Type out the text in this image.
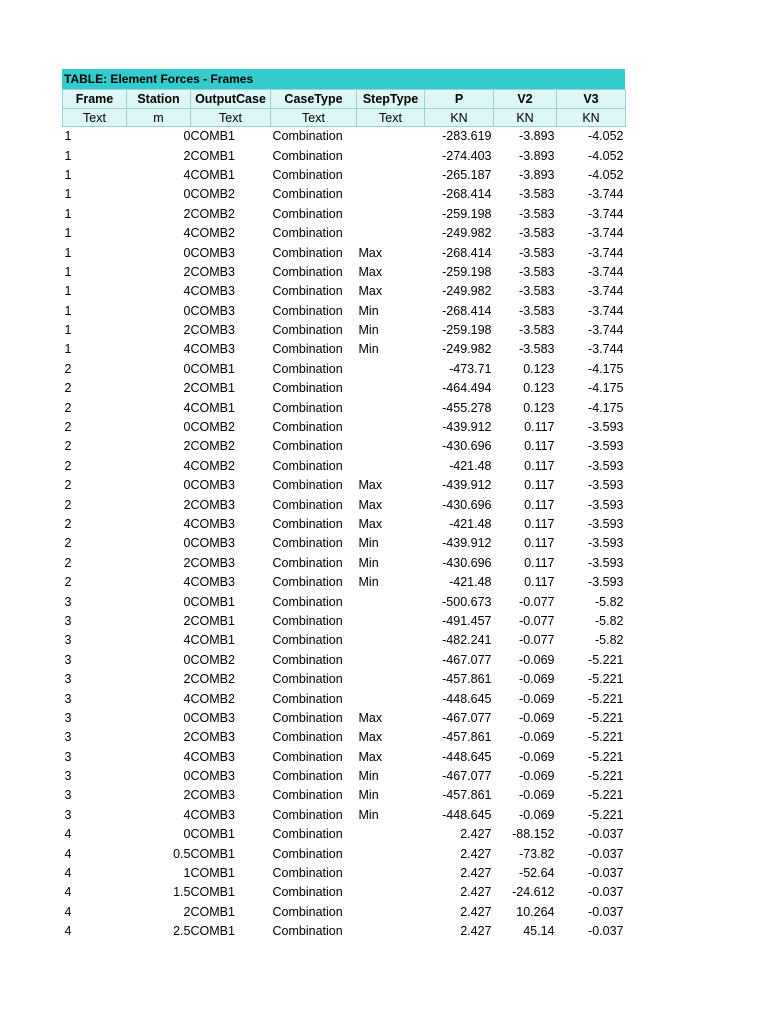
TABLE: Element Forces - Frames
Frame	Station	OutputCase	CaseType	StepType	P	V2	V3
Text	m	Text	Text	Text	KN	KN	KN
1	0	COMB1	Combination		-283.619	-3.893	-4.052
1	2	COMB1	Combination		-274.403	-3.893	-4.052
1	4	COMB1	Combination		-265.187	-3.893	-4.052
1	0	COMB2	Combination		-268.414	-3.583	-3.744
1	2	COMB2	Combination		-259.198	-3.583	-3.744
1	4	COMB2	Combination		-249.982	-3.583	-3.744
1	0	COMB3	Combination	Max	-268.414	-3.583	-3.744
1	2	COMB3	Combination	Max	-259.198	-3.583	-3.744
1	4	COMB3	Combination	Max	-249.982	-3.583	-3.744
1	0	COMB3	Combination	Min	-268.414	-3.583	-3.744
1	2	COMB3	Combination	Min	-259.198	-3.583	-3.744
1	4	COMB3	Combination	Min	-249.982	-3.583	-3.744
2	0	COMB1	Combination		-473.71	0.123	-4.175
2	2	COMB1	Combination		-464.494	0.123	-4.175
2	4	COMB1	Combination		-455.278	0.123	-4.175
2	0	COMB2	Combination		-439.912	0.117	-3.593
2	2	COMB2	Combination		-430.696	0.117	-3.593
2	4	COMB2	Combination		-421.48	0.117	-3.593
2	0	COMB3	Combination	Max	-439.912	0.117	-3.593
2	2	COMB3	Combination	Max	-430.696	0.117	-3.593
2	4	COMB3	Combination	Max	-421.48	0.117	-3.593
2	0	COMB3	Combination	Min	-439.912	0.117	-3.593
2	2	COMB3	Combination	Min	-430.696	0.117	-3.593
2	4	COMB3	Combination	Min	-421.48	0.117	-3.593
3	0	COMB1	Combination		-500.673	-0.077	-5.82
3	2	COMB1	Combination		-491.457	-0.077	-5.82
3	4	COMB1	Combination		-482.241	-0.077	-5.82
3	0	COMB2	Combination		-467.077	-0.069	-5.221
3	2	COMB2	Combination		-457.861	-0.069	-5.221
3	4	COMB2	Combination		-448.645	-0.069	-5.221
3	0	COMB3	Combination	Max	-467.077	-0.069	-5.221
3	2	COMB3	Combination	Max	-457.861	-0.069	-5.221
3	4	COMB3	Combination	Max	-448.645	-0.069	-5.221
3	0	COMB3	Combination	Min	-467.077	-0.069	-5.221
3	2	COMB3	Combination	Min	-457.861	-0.069	-5.221
3	4	COMB3	Combination	Min	-448.645	-0.069	-5.221
4	0	COMB1	Combination		2.427	-88.152	-0.037
4	0.5	COMB1	Combination		2.427	-73.82	-0.037
4	1	COMB1	Combination		2.427	-52.64	-0.037
4	1.5	COMB1	Combination		2.427	-24.612	-0.037
4	2	COMB1	Combination		2.427	10.264	-0.037
4	2.5	COMB1	Combination		2.427	45.14	-0.037
